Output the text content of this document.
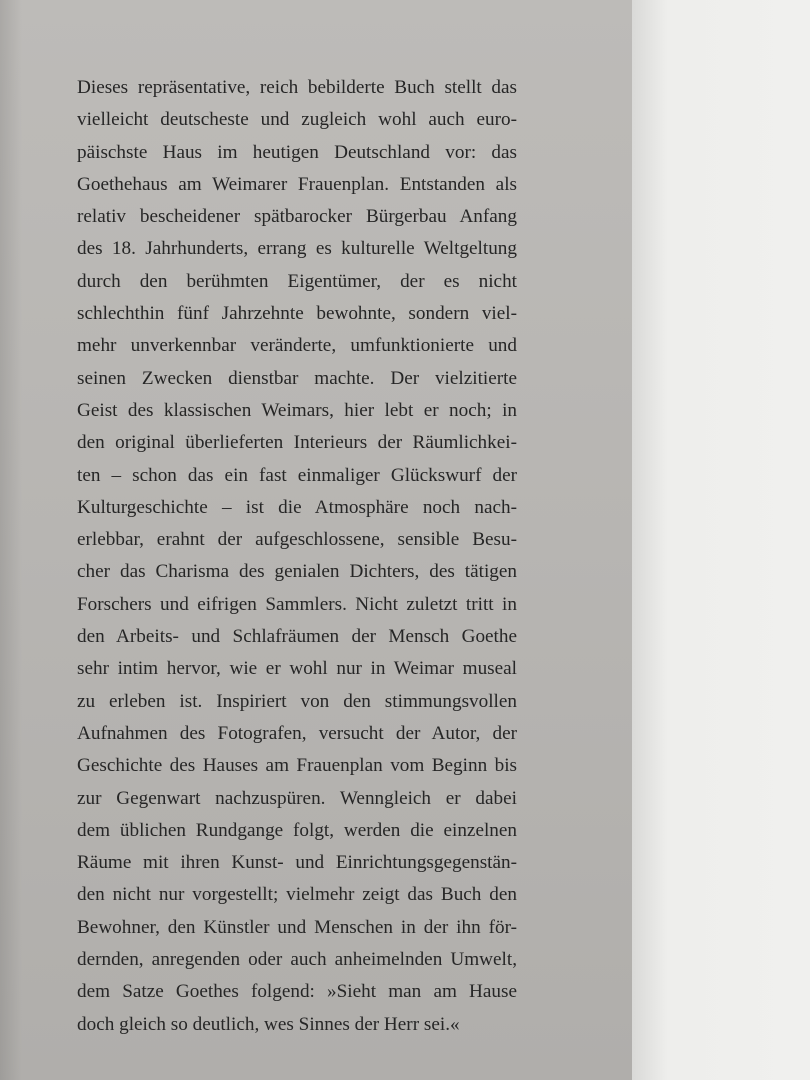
Dieses repräsentative, reich bebilderte Buch stellt das
vielleicht deutscheste und zugleich wohl auch euro-
päischste Haus im heutigen Deutschland vor: das
Goethehaus am Weimarer Frauenplan. Entstanden als
relativ bescheidener spätbarocker Bürgerbau Anfang
des 18. Jahrhunderts, errang es kulturelle Weltgeltung
durch den berühmten Eigentümer, der es nicht
schlechthin fünf Jahrzehnte bewohnte, sondern viel-
mehr unverkennbar veränderte, umfunktionierte und
seinen Zwecken dienstbar machte. Der vielzitierte
Geist des klassischen Weimars, hier lebt er noch; in
den original überlieferten Interieurs der Räumlichkei-
ten – schon das ein fast einmaliger Glückswurf der
Kulturgeschichte – ist die Atmosphäre noch nach-
erlebbar, erahnt der aufgeschlossene, sensible Besu-
cher das Charisma des genialen Dichters, des tätigen
Forschers und eifrigen Sammlers. Nicht zuletzt tritt in
den Arbeits- und Schlafräumen der Mensch Goethe
sehr intim hervor, wie er wohl nur in Weimar museal
zu erleben ist. Inspiriert von den stimmungsvollen
Aufnahmen des Fotografen, versucht der Autor, der
Geschichte des Hauses am Frauenplan vom Beginn bis
zur Gegenwart nachzuspüren. Wenngleich er dabei
dem üblichen Rundgange folgt, werden die einzelnen
Räume mit ihren Kunst- und Einrichtungsgegenstän-
den nicht nur vorgestellt; vielmehr zeigt das Buch den
Bewohner, den Künstler und Menschen in der ihn för-
dernden, anregenden oder auch anheimelnden Umwelt,
dem Satze Goethes folgend: »Sieht man am Hause
doch gleich so deutlich, wes Sinnes der Herr sei.«
